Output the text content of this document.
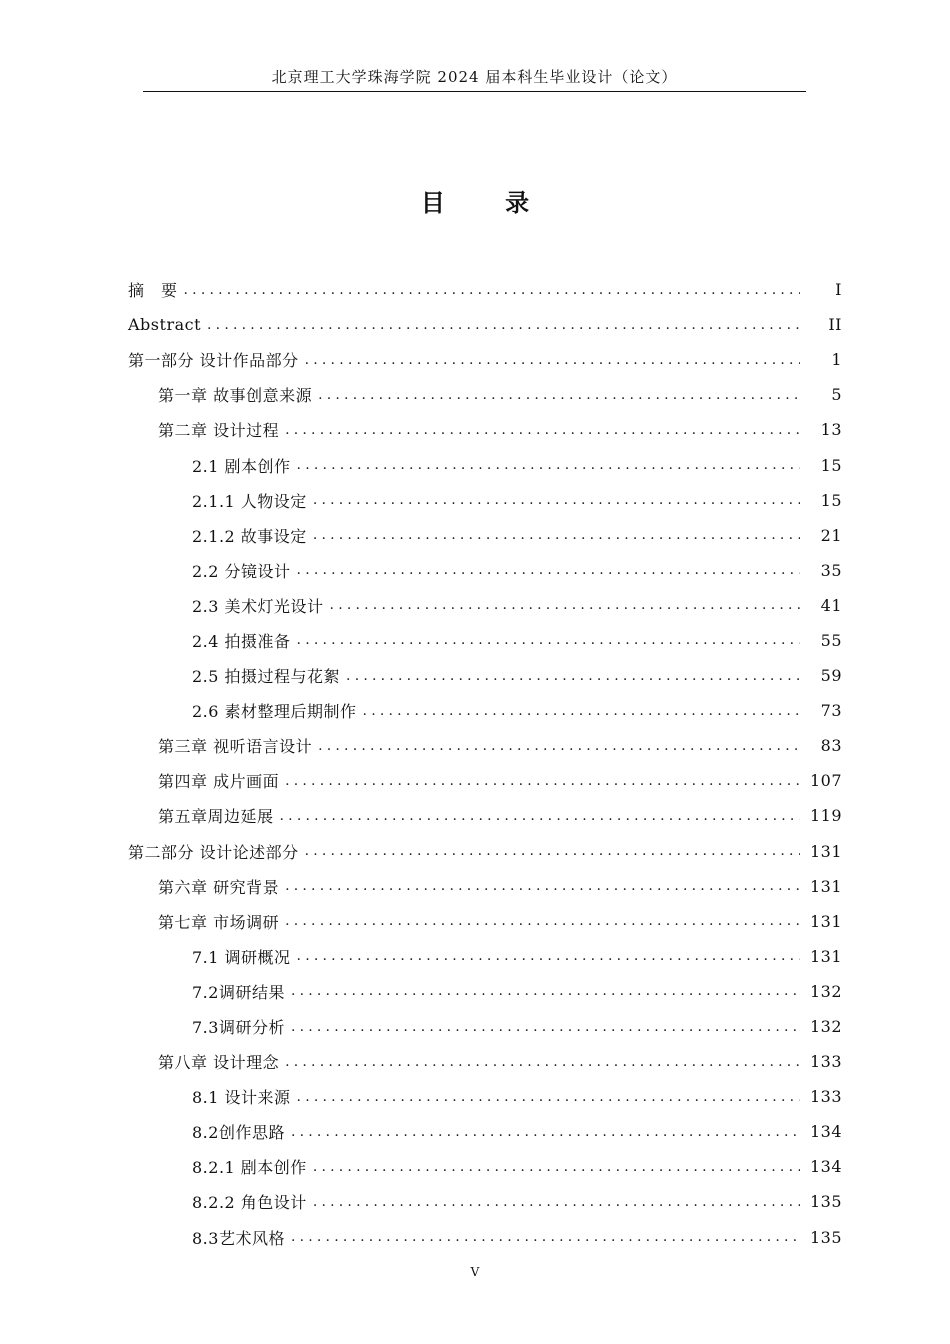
北京理工大学珠海学院 2024 届本科生毕业设计（论文）
目 录
摘　要 .....	I
Abstract .....	II
第一部分 设计作品部分 .....	1
第一章 故事创意来源 .....	5
第二章 设计过程 .....	13
2.1 剧本创作 .....	15
2.1.1 人物设定 .....	15
2.1.2 故事设定 .....	21
2.2 分镜设计 .....	35
2.3 美术灯光设计 .....	41
2.4 拍摄准备 .....	55
2.5 拍摄过程与花絮 .....	59
2.6 素材整理后期制作 .....	73
第三章 视听语言设计 .....	83
第四章 成片画面 .....	107
第五章周边延展 .....	119
第二部分 设计论述部分 .....	131
第六章 研究背景 .....	131
第七章 市场调研 .....	131
7.1 调研概况 .....	131
7.2调研结果 .....	132
7.3调研分析 .....	132
第八章 设计理念 .....	133
8.1 设计来源 .....	133
8.2创作思路 .....	134
8.2.1 剧本创作 .....	134
8.2.2 角色设计 .....	135
8.3艺术风格 .....	135
V
